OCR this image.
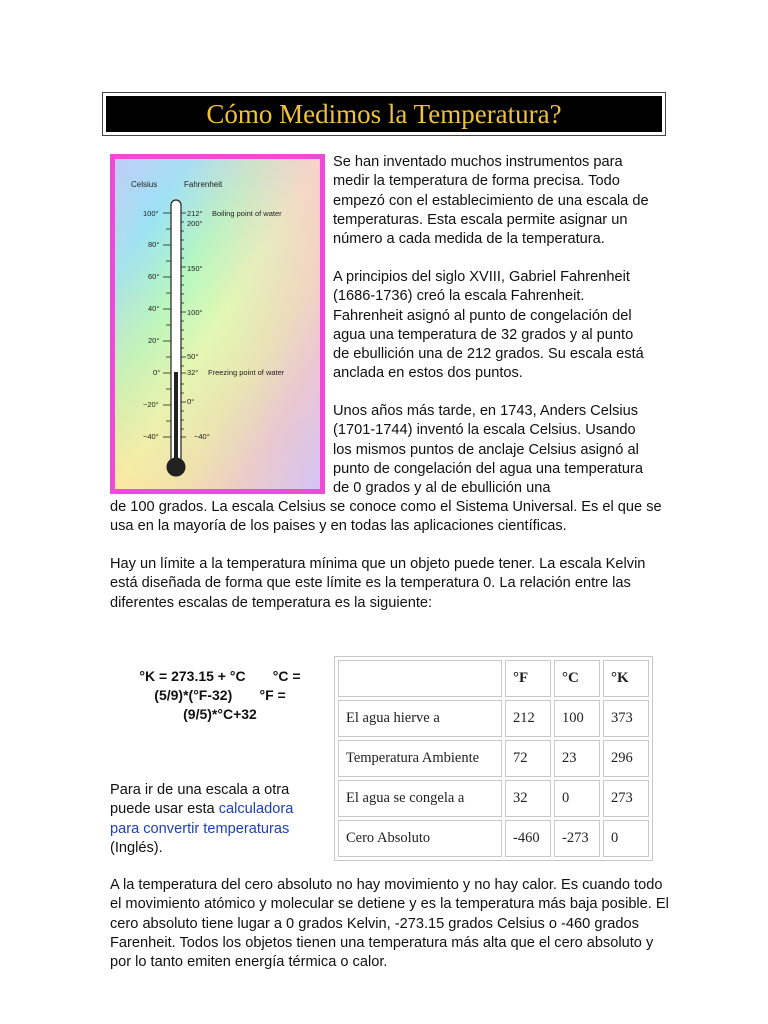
Cómo Medimos la Temperatura?
Celsius	Fahrenheit
100°
80°
60°
40°
20°
0°
−20°
−40°
212°
200°
150°
100°
50°
32°
0°
−40°
Boiling point of water
Freezing point of water
Se han inventado muchos instrumentos para medir la temperatura de forma precisa. Todo empezó con el establecimiento de una escala de temperaturas. Esta escala permite asignar un número a cada medida de la temperatura.
A principios del siglo XVIII, Gabriel Fahrenheit (1686-1736) creó la escala Fahrenheit. Fahrenheit asignó al punto de congelación del agua una temperatura de 32 grados y al punto de ebullición una de 212 grados. Su escala está anclada en estos dos puntos.
Unos años más tarde, en 1743, Anders Celsius (1701-1744) inventó la escala Celsius. Usando los mismos puntos de anclaje Celsius asignó al punto de congelación del agua una temperatura de 0 grados y al de ebullición una
de 100 grados. La escala Celsius se conoce como el Sistema Universal. Es el que se usa en la mayoría de los paises y en todas las aplicaciones científicas.
Hay un límite a la temperatura mínima que un objeto puede tener. La escala Kelvin está diseñada de forma que este límite es la temperatura 0. La relación entre las diferentes escalas de temperatura es la siguiente:
°K = 273.15 + °C       °C =
(5/9)*(°F-32)       °F =
(9/5)*°C+32
Para ir de una escala a otra puede usar esta calculadora para convertir temperaturas (Inglés).
	°F	°C	°K
El agua hierve a	212	100	373
Temperatura Ambiente	72	23	296
El agua se congela a	32	0	273
Cero Absoluto	-460	-273	0
A la temperatura del cero absoluto no hay movimiento y no hay calor. Es cuando todo el movimiento atómico y molecular se detiene y es la temperatura más baja posible. El cero absoluto tiene lugar a 0 grados Kelvin, -273.15 grados Celsius o -460 grados Farenheit. Todos los objetos tienen una temperatura más alta que el cero absoluto y por lo tanto emiten energía térmica o calor.
